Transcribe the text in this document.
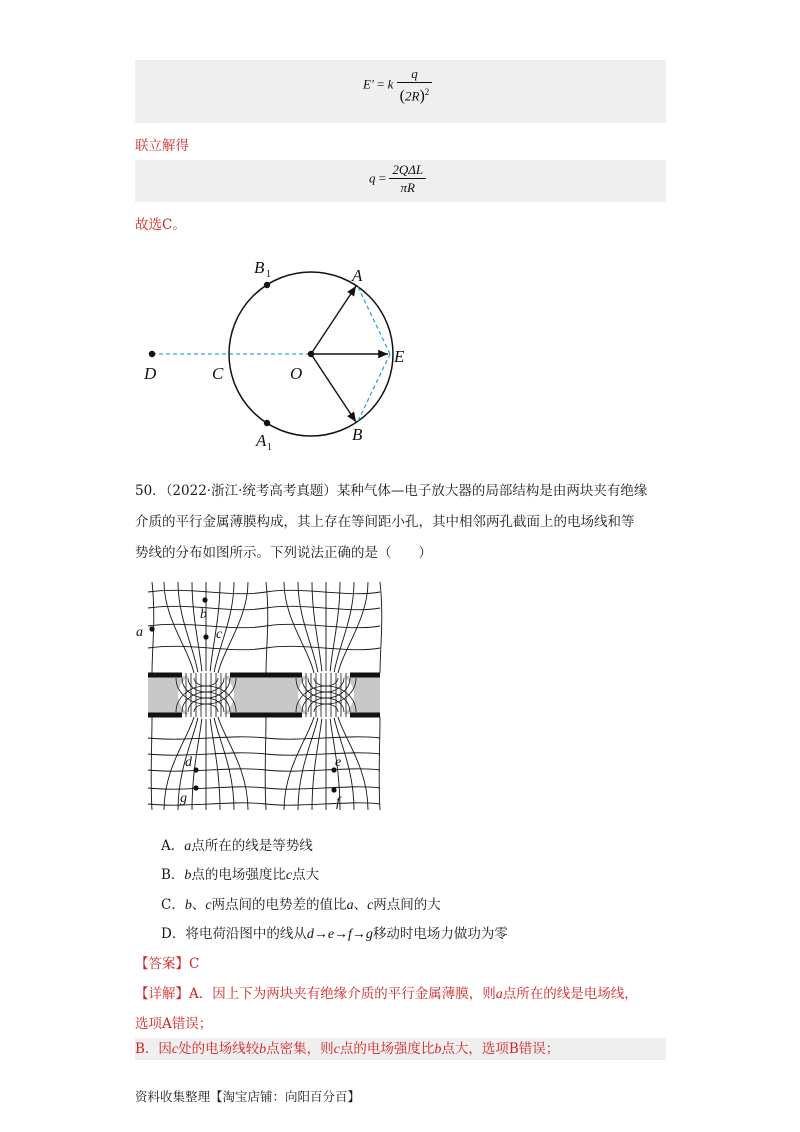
E′ = k $\frac{q}{(2R)^2}$
联立解得
$q = \frac{\text{2QΔL}}{\pi R}$
故选C。
B 1	A
E
D	C	O
A 1
B
50．（2022·浙江·统考高考真题）某种气体—电子放大器的局部结构是由两块夹有绝缘
介质的平行金属薄膜构成，其上存在等间距小孔，其中相邻两孔截面上的电场线和等
势线的分布如图所示。下列说法正确的是（　　）
a
b
c
d	e
f
g
A．a点所在的线是等势线
B．b点的电场强度比c点大
C．b、c两点间的电势差的值比a、c两点间的大
D．将电荷沿图中的线从d→e→f→g移动时电场力做功为零
【答案】C
【详解】A．因上下为两块夹有绝缘介质的平行金属薄膜，则a点所在的线是电场线，
选项A错误；
B．因c处的电场线较b点密集，则c点的电场强度比b点大，选项B错误；
资料收集整理【淘宝店铺：向阳百分百】
